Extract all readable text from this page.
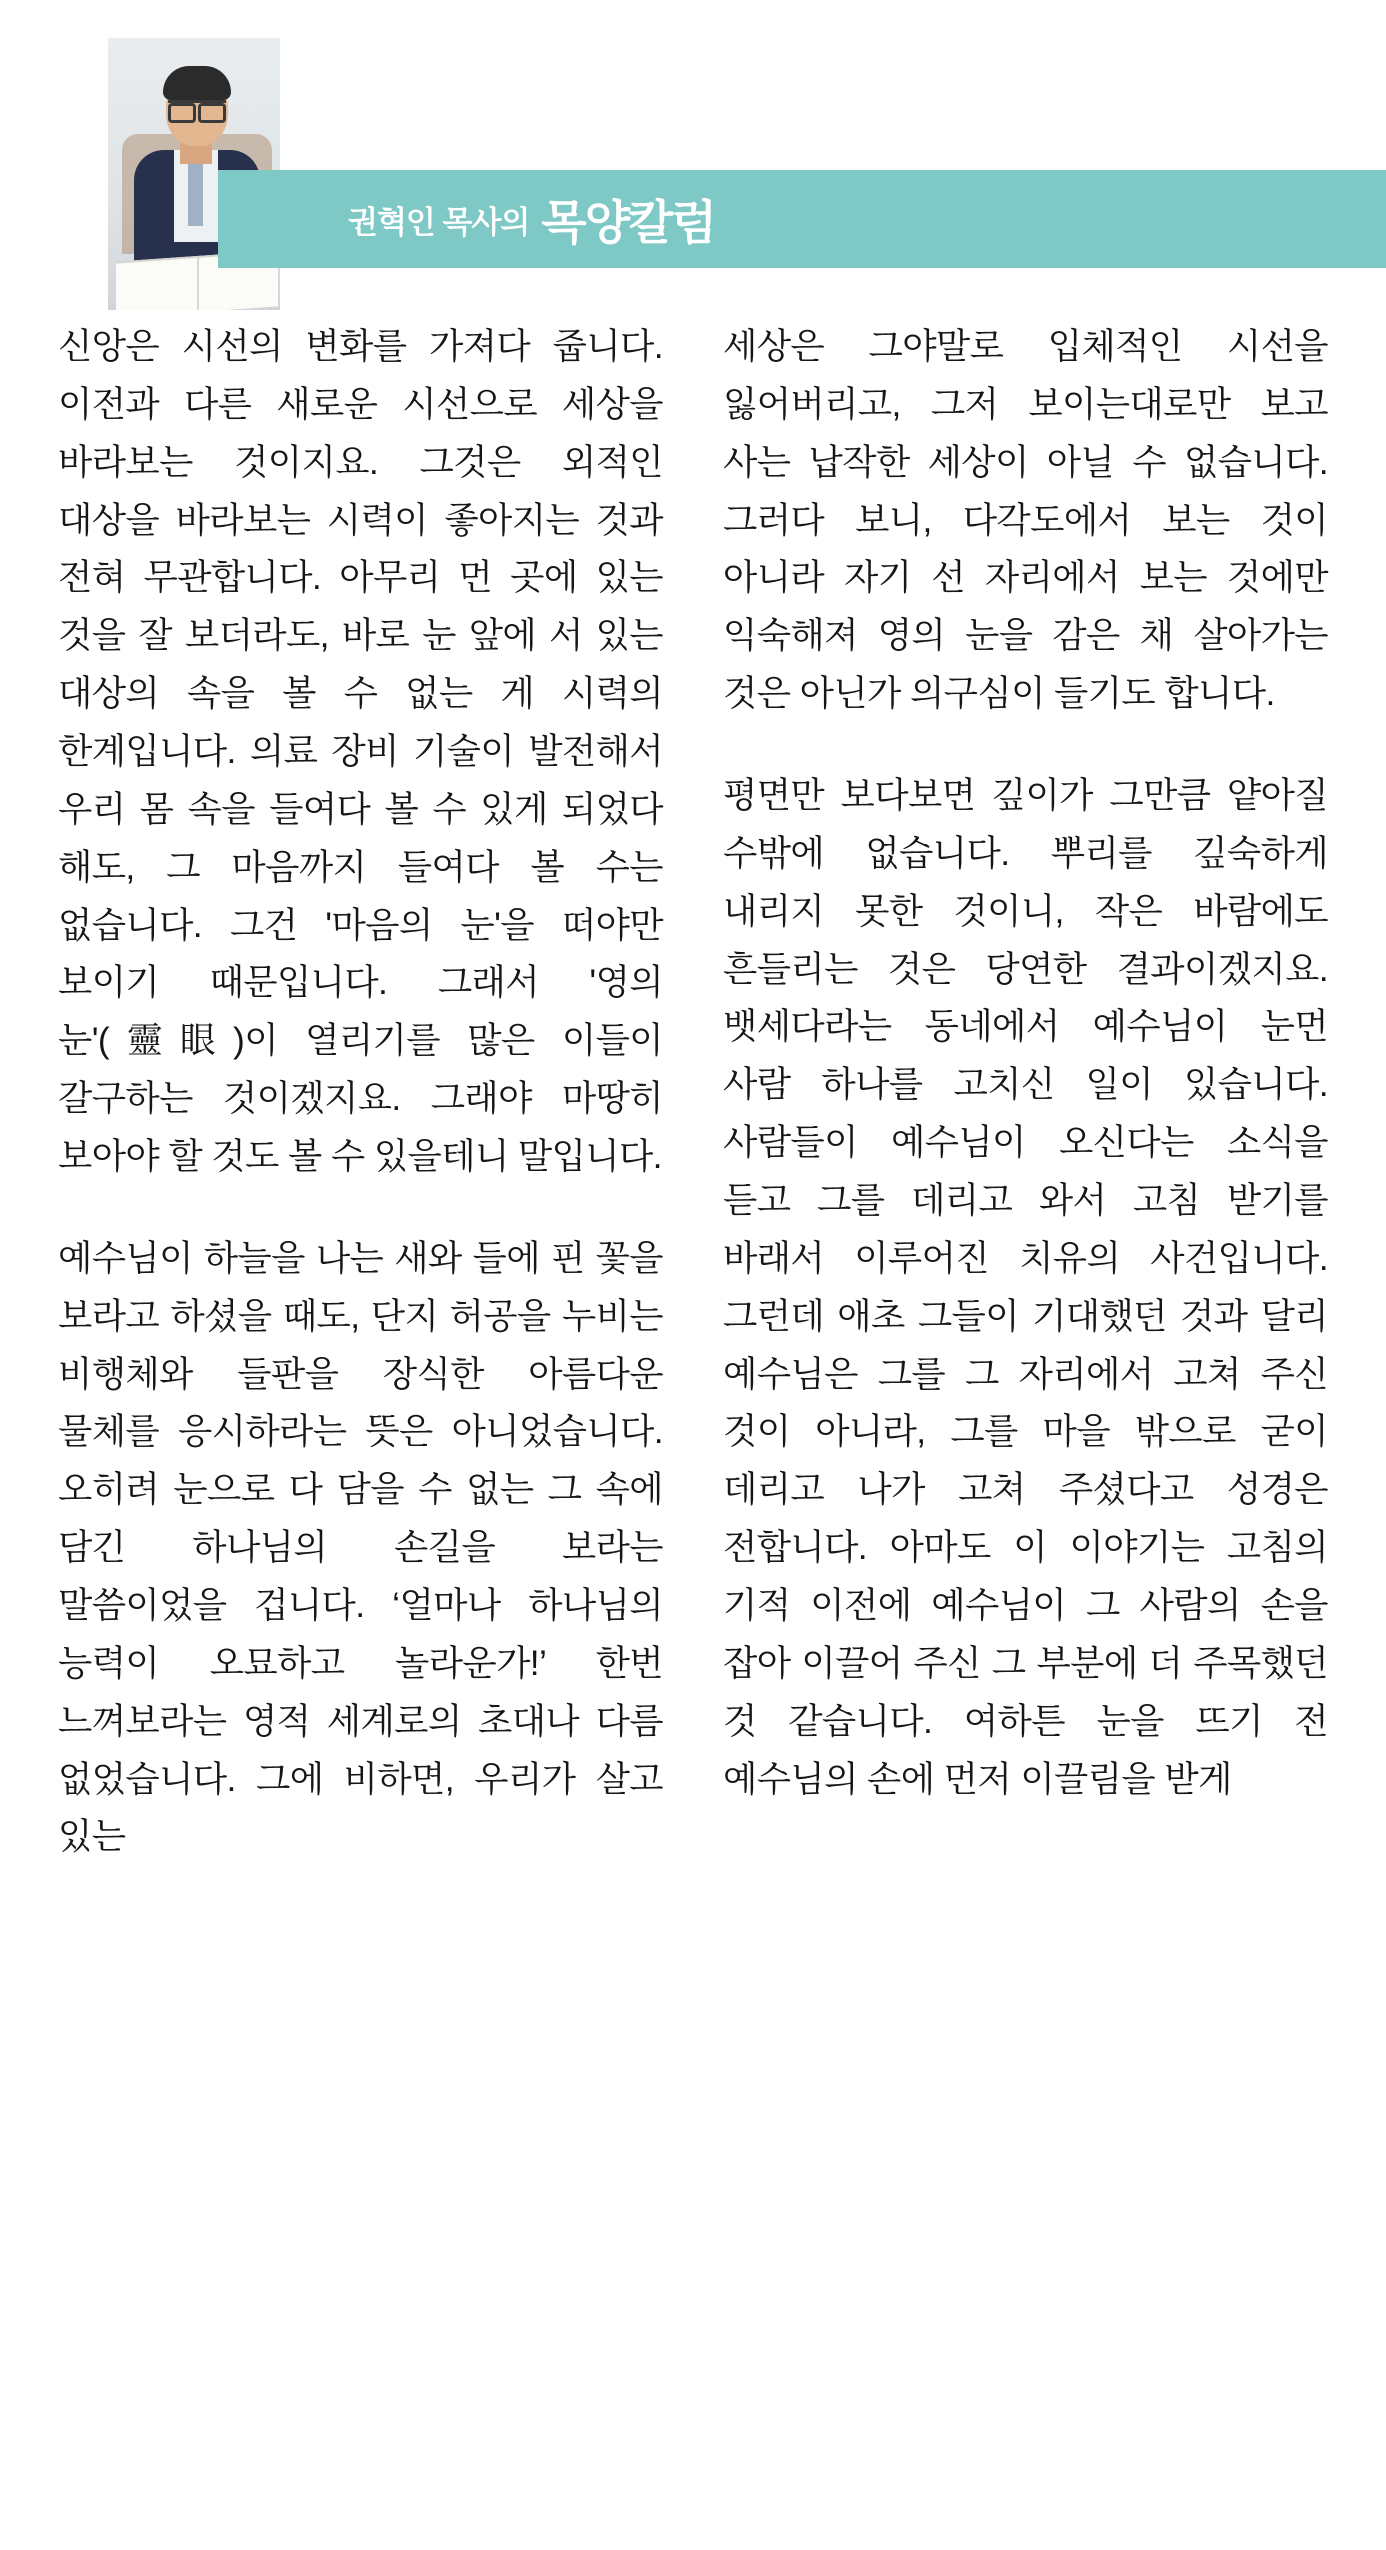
권혁인 목사의 목양칼럼

신앙은 시선의 변화를 가져다 줍니다. 이전과 다른 새로운 시선으로 세상을 바라보는 것이지요. 그것은 외적인 대상을 바라보는 시력이 좋아지는 것과 전혀 무관합니다. 아무리 먼 곳에 있는 것을 잘 보더라도, 바로 눈 앞에 서 있는 대상의 속을 볼 수 없는 게 시력의 한계입니다. 의료 장비 기술이 발전해서 우리 몸 속을 들여다 볼 수 있게 되었다 해도, 그 마음까지 들여다 볼 수는 없습니다. 그건 '마음의 눈'을 떠야만 보이기 때문입니다. 그래서 '영의 눈'(靈眼)이 열리기를 많은 이들이 갈구하는 것이겠지요. 그래야 마땅히 보아야 할 것도 볼 수 있을테니 말입니다.

예수님이 하늘을 나는 새와 들에 핀 꽃을 보라고 하셨을 때도, 단지 허공을 누비는 비행체와 들판을 장식한 아름다운 물체를 응시하라는 뜻은 아니었습니다. 오히려 눈으로 다 담을 수 없는 그 속에 담긴 하나님의 손길을 보라는 말씀이었을 겁니다. ‘얼마나 하나님의 능력이 오묘하고 놀라운가!’ 한번 느껴보라는 영적 세계로의 초대나 다름 없었습니다. 그에 비하면, 우리가 살고 있는

세상은 그야말로 입체적인 시선을 잃어버리고, 그저 보이는대로만 보고 사는 납작한 세상이 아닐 수 없습니다. 그러다 보니, 다각도에서 보는 것이 아니라 자기 선 자리에서 보는 것에만 익숙해져 영의 눈을 감은 채 살아가는 것은 아닌가 의구심이 들기도 합니다.

평면만 보다보면 깊이가 그만큼 얕아질 수밖에 없습니다. 뿌리를 깊숙하게 내리지 못한 것이니, 작은 바람에도 흔들리는 것은 당연한 결과이겠지요. 뱃세다라는 동네에서 예수님이 눈먼 사람 하나를 고치신 일이 있습니다. 사람들이 예수님이 오신다는 소식을 듣고 그를 데리고 와서 고침 받기를 바래서 이루어진 치유의 사건입니다. 그런데 애초 그들이 기대했던 것과 달리 예수님은 그를 그 자리에서 고쳐 주신 것이 아니라, 그를 마을 밖으로 굳이 데리고 나가 고쳐 주셨다고 성경은 전합니다. 아마도 이 이야기는 고침의 기적 이전에 예수님이 그 사람의 손을 잡아 이끌어 주신 그 부분에 더 주목했던 것 같습니다. 여하튼 눈을 뜨기 전 예수님의 손에 먼저 이끌림을 받게
